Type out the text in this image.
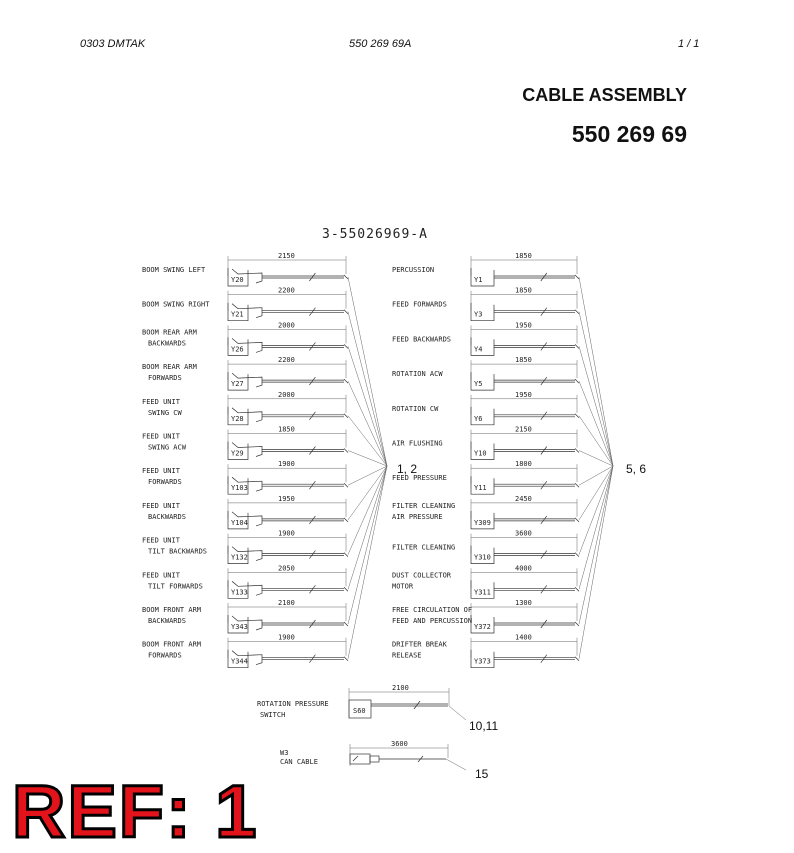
0303 DMTAK	550 269 69A	1 / 1
CABLE ASSEMBLY
550 269 69
3-55026969-A
2150
Y20
BOOM SWING LEFT
2200
Y21
BOOM SWING RIGHT
2000
Y26
BOOM REAR ARM
BACKWARDS
2200
Y27
BOOM REAR ARM
FORWARDS
2000
Y28
FEED UNIT
SWING CW
1850
Y29
FEED UNIT
SWING ACW
1900
Y103
FEED UNIT
FORWARDS
1950
Y104
FEED UNIT
BACKWARDS
1900
Y132
FEED UNIT
TILT BACKWARDS
2050
Y133
FEED UNIT
TILT FORWARDS
2100
Y343
BOOM FRONT ARM
BACKWARDS
1900
Y344
BOOM FRONT ARM
FORWARDS
1, 2
1850
Y1
PERCUSSION
1850
Y3
FEED FORWARDS
1950
Y4
FEED BACKWARDS
1850
Y5
ROTATION ACW
1950
Y6
ROTATION CW
2150
Y10
AIR FLUSHING
1800
Y11
FEED PRESSURE
2450
Y309
FILTER CLEANING
AIR PRESSURE
3600
Y310
FILTER CLEANING
4000
Y311
DUST COLLECTOR
MOTOR
1300
Y372
FREE CIRCULATION OF
FEED AND PERCUSSION
1400
Y373
DRIFTER BREAK
RELEASE
5, 6
2100
S60
ROTATION PRESSURE
SWITCH
10,11
3600
W3
CAN CABLE
15
REF: 1
